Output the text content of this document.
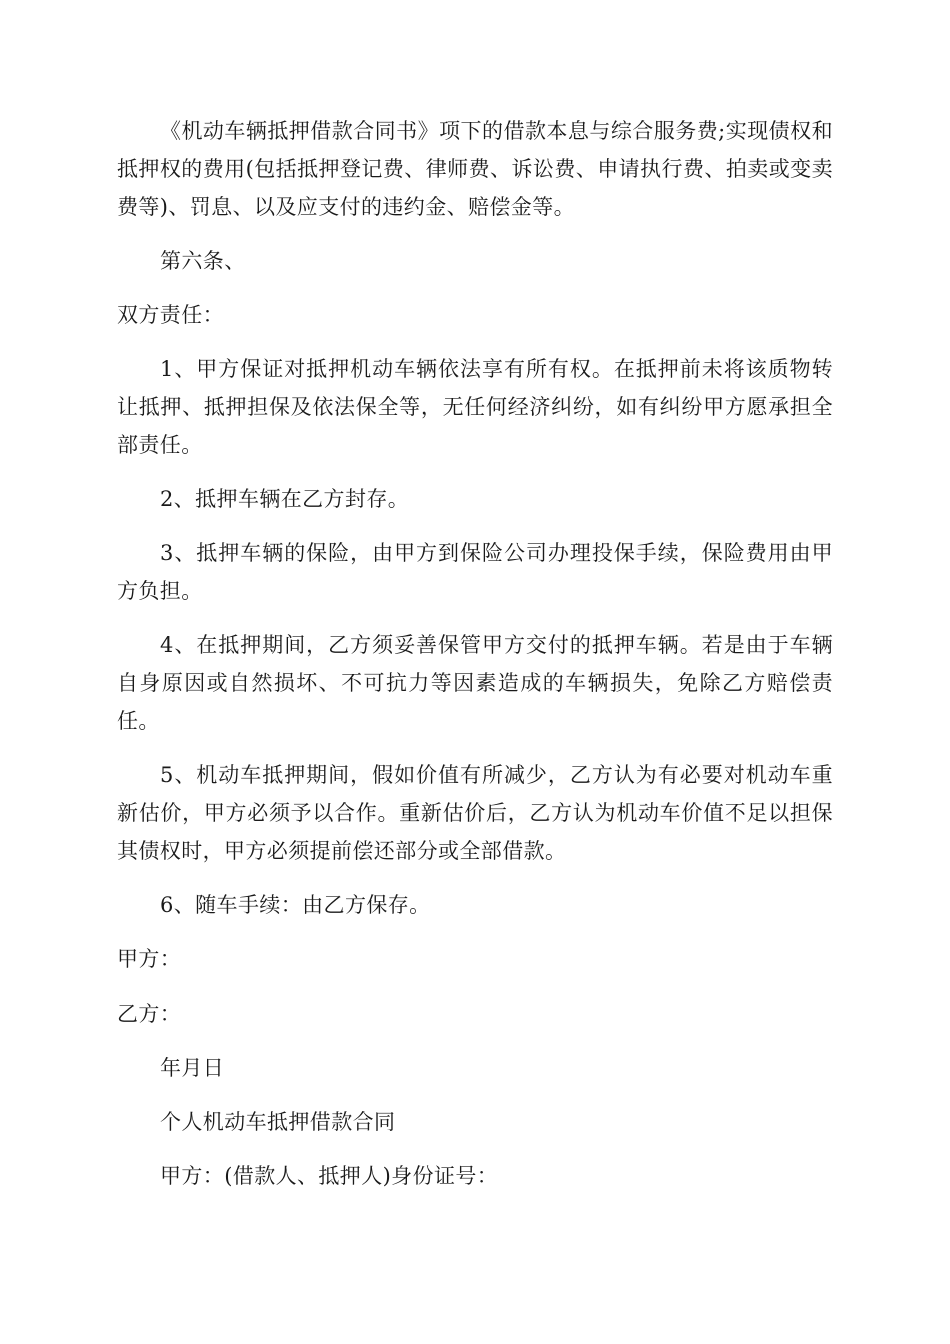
《机动车辆抵押借款合同书》项下的借款本息与综合服务费;实现债权和抵押权的费用(包括抵押登记费、律师费、诉讼费、申请执行费、拍卖或变卖费等)、罚息、以及应支付的违约金、赔偿金等。

第六条、

双方责任：

1、甲方保证对抵押机动车辆依法享有所有权。在抵押前未将该质物转让抵押、抵押担保及依法保全等，无任何经济纠纷，如有纠纷甲方愿承担全部责任。

2、抵押车辆在乙方封存。

3、抵押车辆的保险，由甲方到保险公司办理投保手续，保险费用由甲方负担。

4、在抵押期间，乙方须妥善保管甲方交付的抵押车辆。若是由于车辆自身原因或自然损坏、不可抗力等因素造成的车辆损失，免除乙方赔偿责任。

5、机动车抵押期间，假如价值有所减少，乙方认为有必要对机动车重新估价，甲方必须予以合作。重新估价后，乙方认为机动车价值不足以担保其债权时，甲方必须提前偿还部分或全部借款。

6、随车手续：由乙方保存。

甲方：

乙方：

年月日

个人机动车抵押借款合同

甲方：(借款人、抵押人)身份证号：
